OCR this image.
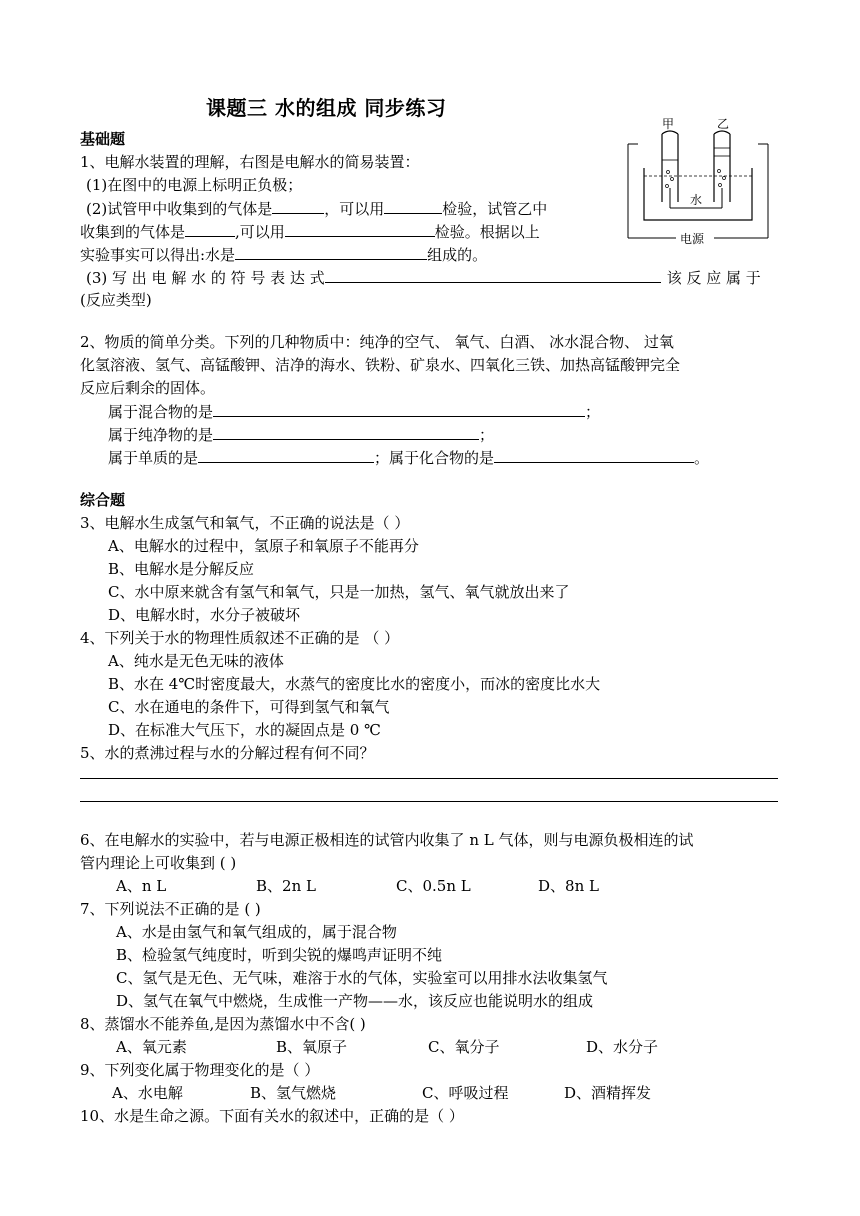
课题三 水的组成 同步练习
基础题
1、电解水装置的理解，右图是电解水的简易装置：
(1)在图中的电源上标明正负极；
(2)试管甲中收集到的气体是	，可以用	检验，试管乙中
收集到的气体是	,可以用	检验。根据以上
实验事实可以得出:水是	组成的。
(3) 写 出 电 解 水 的 符 号 表 达 式	该 反 应 属 于
(反应类型)
甲	乙
水
电源
2、物质的简单分类。下列的几种物质中：纯净的空气、 氧气、白酒、 冰水混合物、 过氧
化氢溶液、氢气、高锰酸钾、洁净的海水、铁粉、矿泉水、四氧化三铁、加热高锰酸钾完全
反应后剩余的固体。
属于混合物的是	；
属于纯净物的是	；
属于单质的是	；属于化合物的是	。
综合题
3、电解水生成氢气和氧气，不正确的说法是（ ）
A、电解水的过程中，氢原子和氧原子不能再分
B、电解水是分解反应
C、水中原来就含有氢气和氧气，只是一加热，氢气、氧气就放出来了
D、电解水时，水分子被破坏
4、下列关于水的物理性质叙述不正确的是 （ ）
A、纯水是无色无味的液体
B、水在 4℃时密度最大，水蒸气的密度比水的密度小，而冰的密度比水大
C、水在通电的条件下，可得到氢气和氧气
D、在标准大气压下，水的凝固点是 0 ℃
5、水的煮沸过程与水的分解过程有何不同？
6、在电解水的实验中，若与电源正极相连的试管内收集了 n L 气体，则与电源负极相连的试
管内理论上可收集到 ( )
A、n L	B、2n L	C、0.5n L	D、8n L
7、下列说法不正确的是 ( )
A、水是由氢气和氧气组成的，属于混合物
B、检验氢气纯度时，听到尖锐的爆鸣声证明不纯
C、氢气是无色、无气味，难溶于水的气体，实验室可以用排水法收集氢气
D、氢气在氧气中燃烧，生成惟一产物——水，该反应也能说明水的组成
8、蒸馏水不能养鱼,是因为蒸馏水中不含( )
A、氧元素	B、氧原子	C、氧分子	D、水分子
9、下列变化属于物理变化的是（ ）
A、水电解	B、氢气燃烧	C、呼吸过程	D、酒精挥发
10、水是生命之源。下面有关水的叙述中，正确的是（ ）
